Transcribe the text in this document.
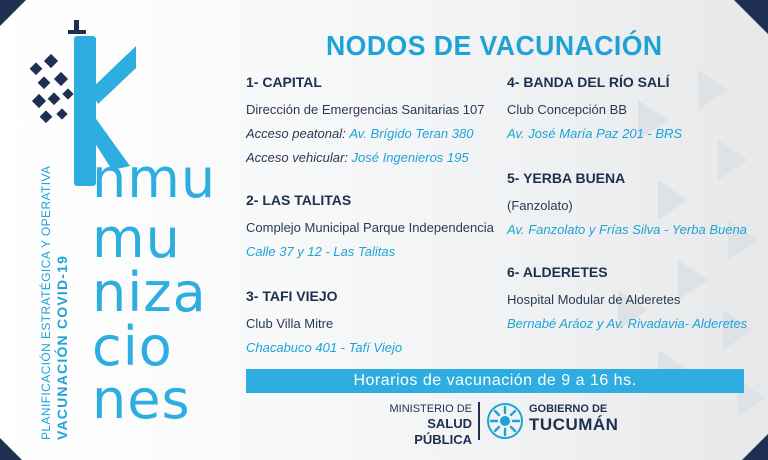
PLANIFICACIÓN ESTRATÉGICA Y OPERATIVA VACUNACIÓN COVID-19
nmu
mu
niza
cio
nes
NODOS DE VACUNACIÓN
1- CAPITAL
Dirección de Emergencias Sanitarias 107
Acceso peatonal: Av. Brígido Teran 380
Acceso vehicular: José Ingenieros 195
2- LAS TALITAS
Complejo Municipal Parque Independencia
Calle 37 y 12 - Las Talitas
3- TAFI VIEJO
Club Villa Mitre
Chacabuco 401 - Tafí Viejo
4- BANDA DEL RÍO SALÍ
Club Concepción BB
Av. José María Paz 201 - BRS
5- YERBA BUENA
(Fanzolato)
Av. Fanzolato y Frías Silva - Yerba Buena
6- ALDERETES
Hospital Modular de Alderetes
Bernabé Aráoz y Av. Rivadavia- Alderetes
Horarios de vacunación de 9 a 16 hs.
MINISTERIO DE
SALUD PÚBLICA
GOBIERNO DE
TUCUMÁN
